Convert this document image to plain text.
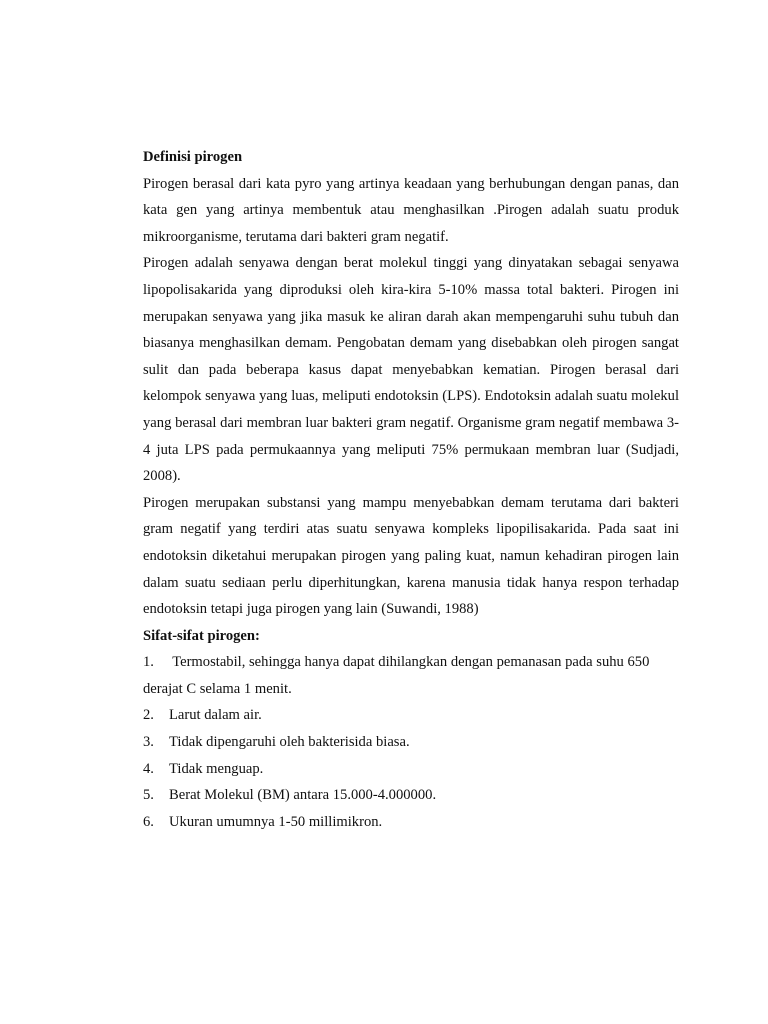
Definisi pirogen

Pirogen berasal dari kata pyro yang artinya keadaan yang berhubungan dengan panas, dan kata gen yang artinya membentuk atau menghasilkan .Pirogen adalah suatu produk mikroorganisme, terutama dari bakteri gram negatif.

Pirogen adalah senyawa dengan berat molekul tinggi yang dinyatakan sebagai senyawa lipopolisakarida yang diproduksi oleh kira-kira 5-10% massa total bakteri. Pirogen ini merupakan senyawa yang jika masuk ke aliran darah akan mempengaruhi suhu tubuh dan biasanya menghasilkan demam. Pengobatan demam yang disebabkan oleh pirogen sangat sulit dan pada beberapa kasus dapat menyebabkan kematian. Pirogen berasal dari kelompok senyawa yang luas, meliputi endotoksin (LPS). Endotoksin adalah suatu molekul yang berasal dari membran luar bakteri gram negatif. Organisme gram negatif membawa 3-4 juta LPS pada permukaannya yang meliputi 75% permukaan membran luar (Sudjadi, 2008).

Pirogen merupakan substansi yang mampu menyebabkan demam terutama dari bakteri gram negatif yang terdiri atas suatu senyawa kompleks lipopilisakarida. Pada saat ini endotoksin diketahui merupakan pirogen yang paling kuat, namun kehadiran pirogen lain dalam suatu sediaan perlu diperhitungkan, karena manusia tidak hanya respon terhadap endotoksin tetapi juga pirogen yang lain (Suwandi, 1988)

Sifat-sifat pirogen:

1. Termostabil, sehingga hanya dapat dihilangkan dengan pemanasan pada suhu 650 derajat C selama 1 menit.

2.	Larut dalam air.
3.	Tidak dipengaruhi oleh bakterisida biasa.
4.	Tidak menguap.
5.	Berat Molekul (BM) antara 15.000-4.000000.
6.	Ukuran umumnya 1-50 millimikron.
